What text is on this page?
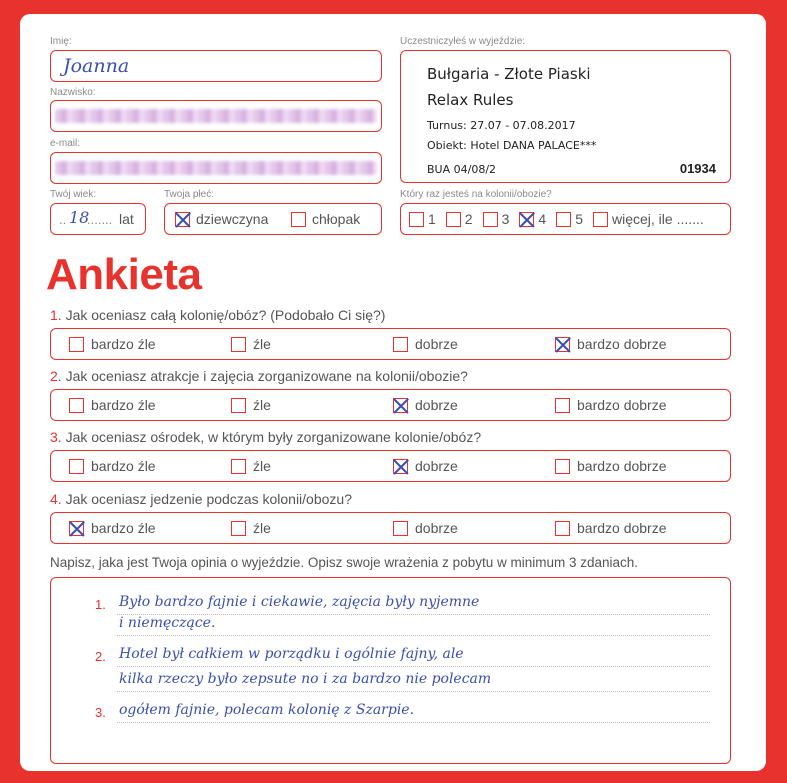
Imię:
Joanna
Nazwisko:
e-mail:
Twój wiek:
.. 18
....... lat
Twoja płeć:
dziewczyna	chłopak
Uczestniczyłeś w wyjeździe:
Bułgaria - Złote Piaski
Relax Rules
Turnus: 27.07 - 07.08.2017
Obiekt: Hotel DANA PALACE***
BUA 04/08/2	01934
Który raz jesteś na kolonii/obozie?
1 2 3 4 5 więcej, ile .......
Ankieta
1. Jak oceniasz całą kolonię/obóz? (Podobało Ci się?)
bardzo źle	źle	dobrze	bardzo dobrze
2. Jak oceniasz atrakcje i zajęcia zorganizowane na kolonii/obozie?
bardzo źle	źle	dobrze	bardzo dobrze
3. Jak oceniasz ośrodek, w którym były zorganizowane kolonie/obóz?
bardzo źle	źle	dobrze	bardzo dobrze
4. Jak oceniasz jedzenie podczas kolonii/obozu?
bardzo źle	źle	dobrze	bardzo dobrze
Napisz, jaka jest Twoja opinia o wyjeździe. Opisz swoje wrażenia z pobytu w minimum 3 zdaniach.
1. Było bardzo fajnie i ciekawie, zajęcia były nyjemne
i niemęczące.
2. Hotel był całkiem w porządku i ogólnie fajny, ale
kilka rzeczy było zepsute no i za bardzo nie polecam
3. ogółem fajnie, polecam kolonię z Szarpie.
